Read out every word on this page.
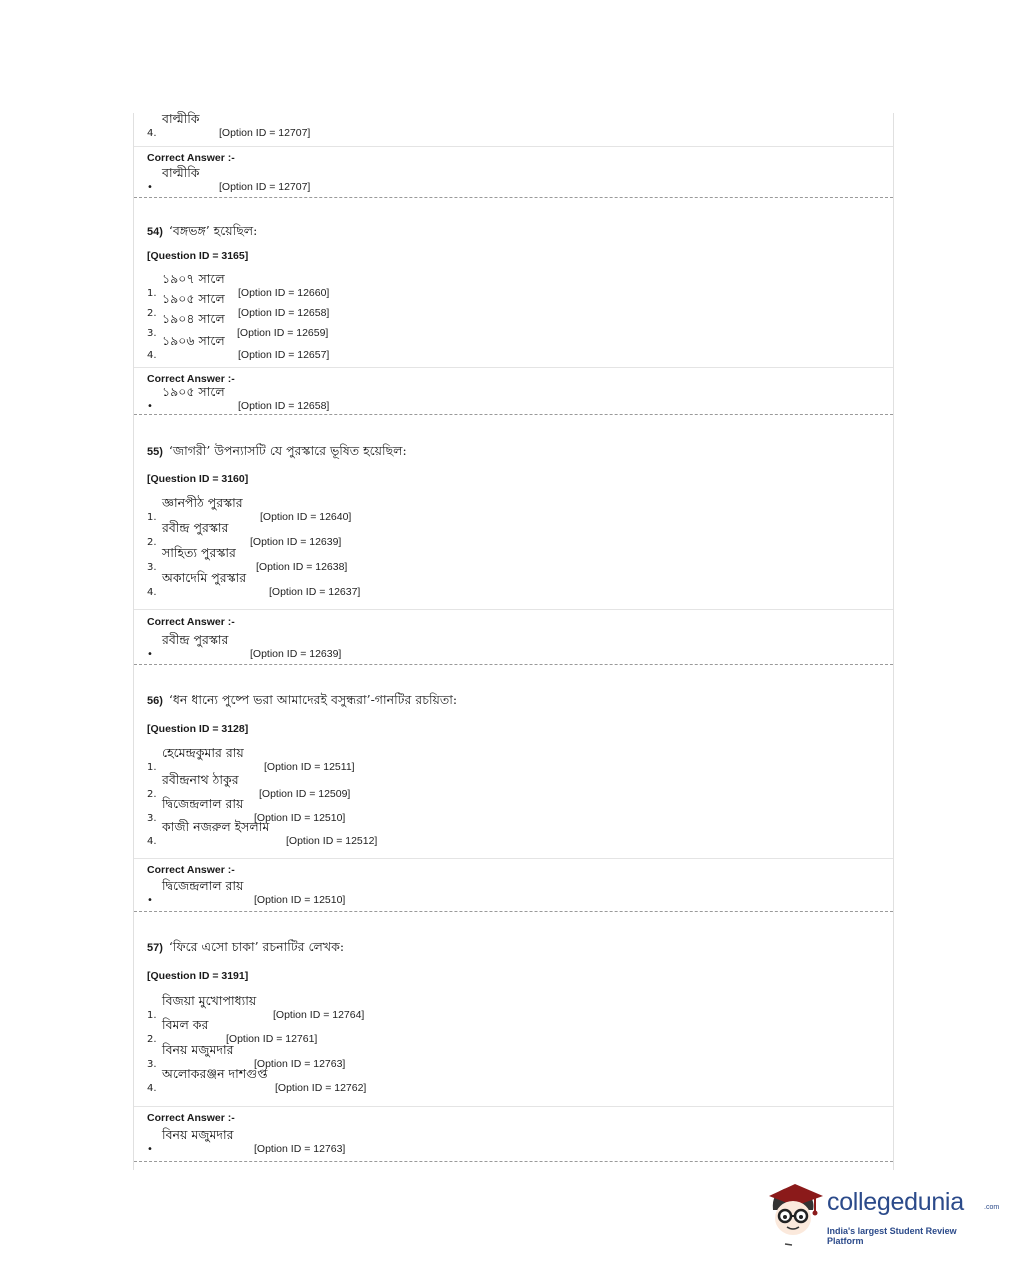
4.
বাল্মীকি
[Option ID = 12707]
Correct Answer :-
•
বাল্মীকি
[Option ID = 12707]
54) ‘বঙ্গভঙ্গ’ হয়েছিল:
[Question ID = 3165]
1.
১৯০৭ সালে
[Option ID = 12660]
2.
১৯০৫ সালে
[Option ID = 12658]
3.
১৯০৪ সালে
[Option ID = 12659]
4.
১৯০৬ সালে
[Option ID = 12657]
Correct Answer :-
•
১৯০৫ সালে
[Option ID = 12658]
55) ‘জাগরী’ উপন্যাসটি যে পুরস্কারে ভূষিত হয়েছিল:
[Question ID = 3160]
1.
জ্ঞানপীঠ পুরস্কার
[Option ID = 12640]
2.
রবীন্দ্র পুরস্কার
[Option ID = 12639]
3.
সাহিত্য পুরস্কার
[Option ID = 12638]
4.
অকাদেমি পুরস্কার
[Option ID = 12637]
Correct Answer :-
•
রবীন্দ্র পুরস্কার
[Option ID = 12639]
56) ‘ধন ধান্যে পুষ্পে ভরা আমাদেরই বসুন্ধরা’-গানটির রচয়িতা:
[Question ID = 3128]
1.
হেমেন্দ্রকুমার রায়
[Option ID = 12511]
2.
রবীন্দ্রনাথ ঠাকুর
[Option ID = 12509]
3.
দ্বিজেন্দ্রলাল রায়
[Option ID = 12510]
4.
কাজী নজরুল ইসলাম
[Option ID = 12512]
Correct Answer :-
•
দ্বিজেন্দ্রলাল রায়
[Option ID = 12510]
57) ‘ফিরে এসো চাকা’ রচনাটির লেখক:
[Question ID = 3191]
1.
বিজয়া মুখোপাধ্যায়
[Option ID = 12764]
2.
বিমল কর
[Option ID = 12761]
3.
বিনয় মজুমদার
[Option ID = 12763]
4.
অলোকরঞ্জন দাশগুপ্ত
[Option ID = 12762]
Correct Answer :-
•
বিনয় মজুমদার
[Option ID = 12763]
collegedunia	.com
India's largest Student Review Platform
